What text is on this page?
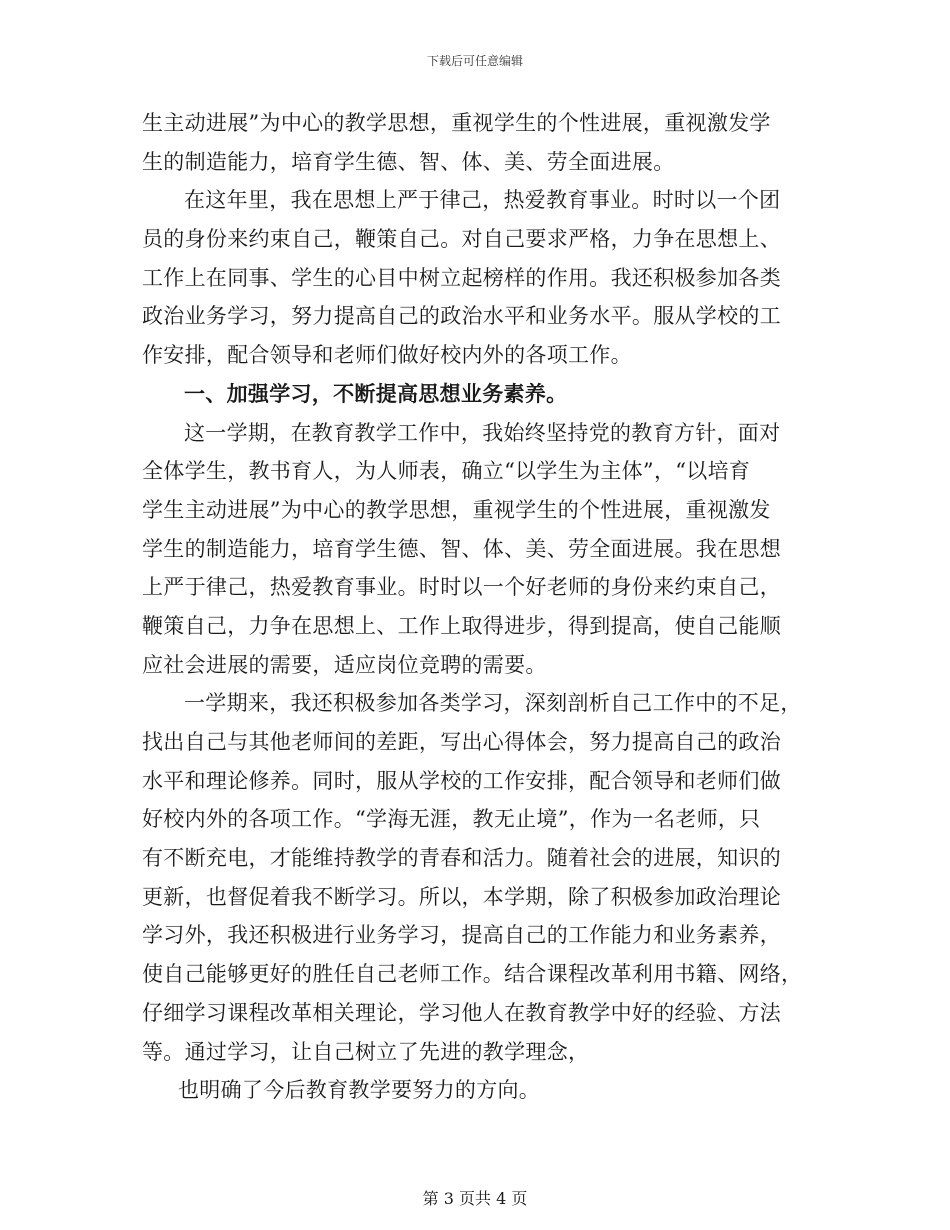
下载后可任意编辑
生主动进展”为中心的教学思想，重视学生的个性进展，重视激发学
生的制造能力，培育学生德、智、体、美、劳全面进展。
在这年里，我在思想上严于律己，热爱教育事业。时时以一个团
员的身份来约束自己，鞭策自己。对自己要求严格，力争在思想上、
工作上在同事、学生的心目中树立起榜样的作用。我还积极参加各类
政治业务学习，努力提高自己的政治水平和业务水平。服从学校的工
作安排，配合领导和老师们做好校内外的各项工作。
一、加强学习，不断提高思想业务素养。
这一学期，在教育教学工作中，我始终坚持党的教育方针，面对
全体学生，教书育人，为人师表，确立“以学生为主体”，“以培育
学生主动进展”为中心的教学思想，重视学生的个性进展，重视激发
学生的制造能力，培育学生德、智、体、美、劳全面进展。我在思想
上严于律己，热爱教育事业。时时以一个好老师的身份来约束自己，
鞭策自己，力争在思想上、工作上取得进步，得到提高，使自己能顺
应社会进展的需要，适应岗位竞聘的需要。
一学期来，我还积极参加各类学习，深刻剖析自己工作中的不足，
找出自己与其他老师间的差距，写出心得体会，努力提高自己的政治
水平和理论修养。同时，服从学校的工作安排，配合领导和老师们做
好校内外的各项工作。“学海无涯，教无止境”，作为一名老师，只
有不断充电，才能维持教学的青春和活力。随着社会的进展，知识的
更新，也督促着我不断学习。所以，本学期，除了积极参加政治理论
学习外，我还积极进行业务学习，提高自己的工作能力和业务素养，
使自己能够更好的胜任自己老师工作。结合课程改革利用书籍、网络，
仔细学习课程改革相关理论，学习他人在教育教学中好的经验、方法
等。通过学习，让自己树立了先进的教学理念，
也明确了今后教育教学要努力的方向。
第 3 页共 4 页
